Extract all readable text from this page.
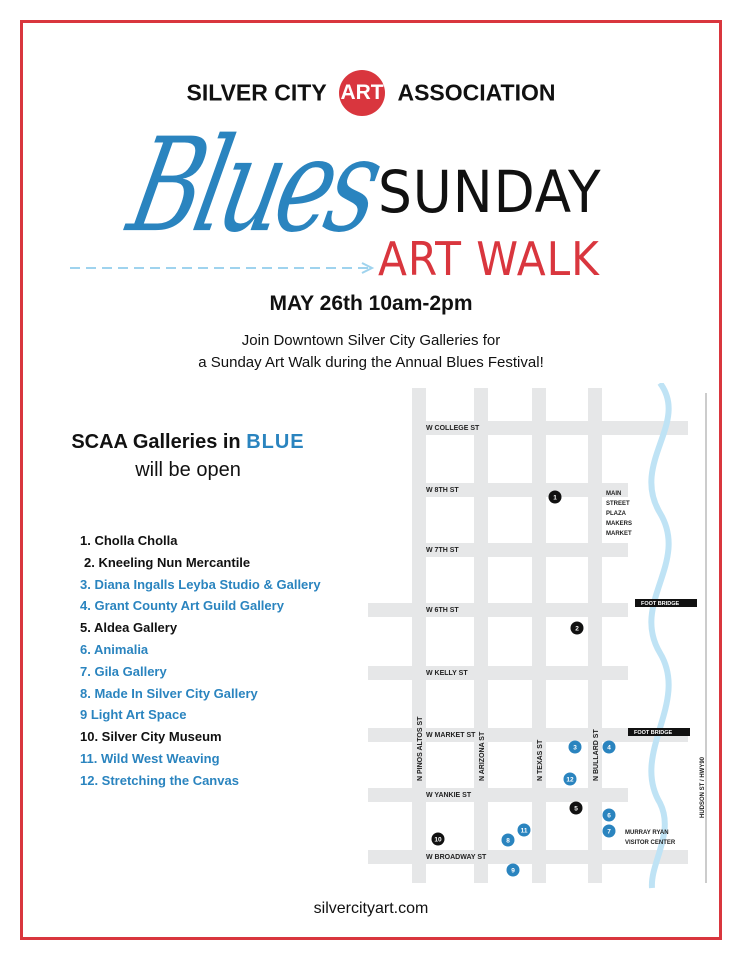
SILVER CITY ART ASSOCIATION
Blues
SUNDAY
ART WALK
MAY 26th 10am-2pm
Join Downtown Silver City Galleries for
a Sunday Art Walk during the Annual Blues Festival!
SCAA Galleries in BLUE
will be open
1. Cholla Cholla
2. Kneeling Nun Mercantile
3. Diana Ingalls Leyba Studio & Gallery
4. Grant County Art Guild Gallery
5. Aldea Gallery
6. Animalia
7. Gila Gallery
8. Made In Silver City Gallery
9 Light Art Space
10. Silver City Museum
11. Wild West Weaving
12. Stretching the Canvas	HUDSON ST / HWY90
W COLLEGE ST
W 8TH ST
W 7TH ST
W 6TH ST
W KELLY ST
W MARKET ST
W YANKIE ST
W BROADWAY ST
N PINOS ALTOS ST	N ARIZONA ST	N TEXAS ST	N BULLARD ST
FOOT BRIDGE
FOOT BRIDGE
MAIN
STREET
PLAZA
MAKERS
MARKET
MURRAY RYAN
VISITOR CENTER
1
2
3	4
5
6
7
8
9
10
11
12
silvercityart.com
